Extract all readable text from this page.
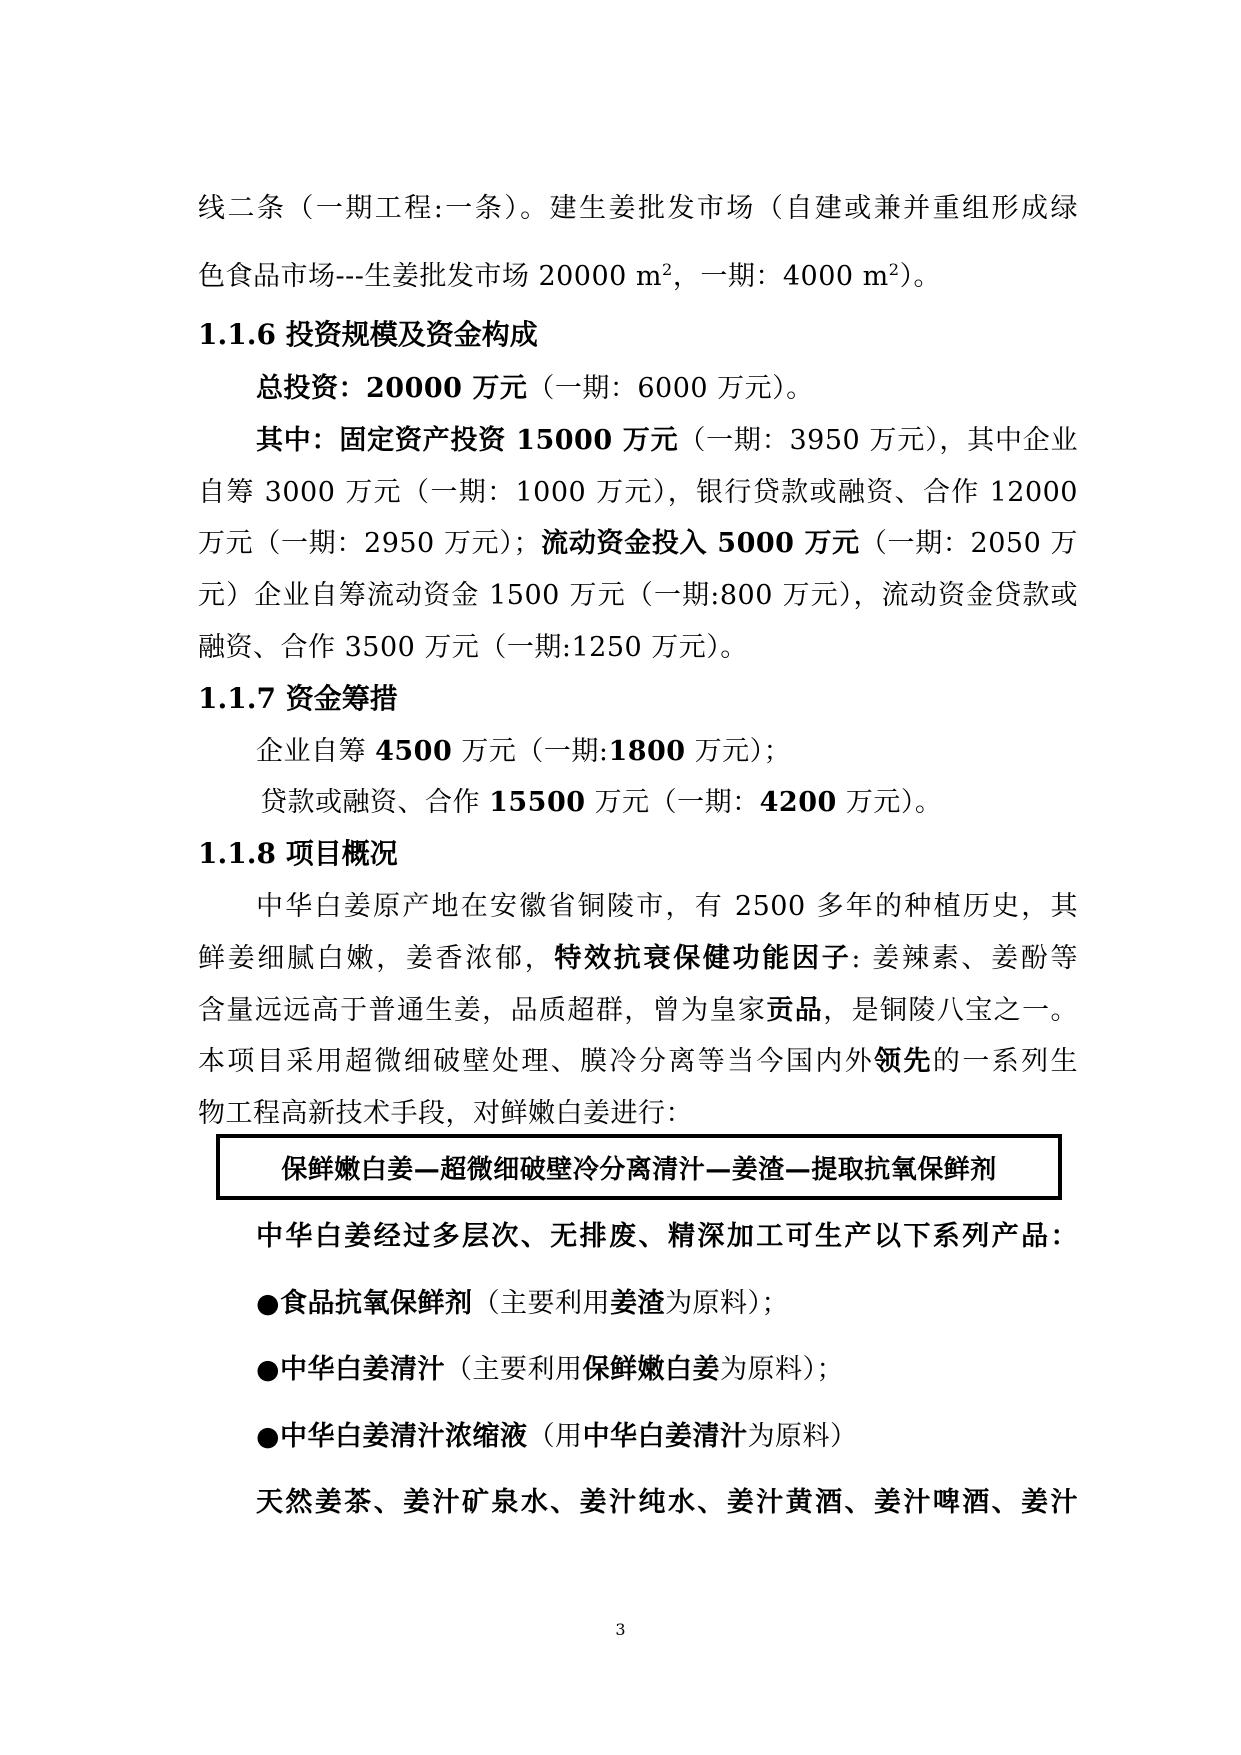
线二条（一期工程:一条）。建生姜批发市场（自建或兼并重组形成绿
色食品市场---生姜批发市场 20000 $m^2$，一期：4000 $m^2$）。
1.1.6 投资规模及资金构成
总投资：20000 万元（一期：6000 万元）。
其中：固定资产投资 15000 万元（一期：3950 万元），其中企业
自筹 3000 万元（一期：1000 万元），银行贷款或融资、合作 12000
万元（一期：2950 万元）；流动资金投入 5000 万元（一期：2050 万
元）企业自筹流动资金 1500 万元（一期:800 万元），流动资金贷款或
融资、合作 3500 万元（一期:1250 万元）。
1.1.7 资金筹措
企业自筹 4500 万元（一期:1800 万元）；
贷款或融资、合作 15500 万元（一期：4200 万元）。
1.1.8 项目概况
中华白姜原产地在安徽省铜陵市，有 2500 多年的种植历史，其
鲜姜细腻白嫩，姜香浓郁，特效抗衰保健功能因子: 姜辣素、姜酚等
含量远远高于普通生姜，品质超群，曾为皇家贡品，是铜陵八宝之一。
本项目采用超微细破壁处理、膜冷分离等当今国内外领先的一系列生
物工程高新技术手段，对鲜嫩白姜进行：
保鲜嫩白姜—超微细破壁冷分离清汁—姜渣—提取抗氧保鲜剂
中华白姜经过多层次、无排废、精深加工可生产以下系列产品：
●食品抗氧保鲜剂（主要利用姜渣为原料）；
●中华白姜清汁（主要利用保鲜嫩白姜为原料）；
●中华白姜清汁浓缩液（用中华白姜清汁为原料）
天然姜茶、姜汁矿泉水、姜汁纯水、姜汁黄酒、姜汁啤酒、姜汁
3
